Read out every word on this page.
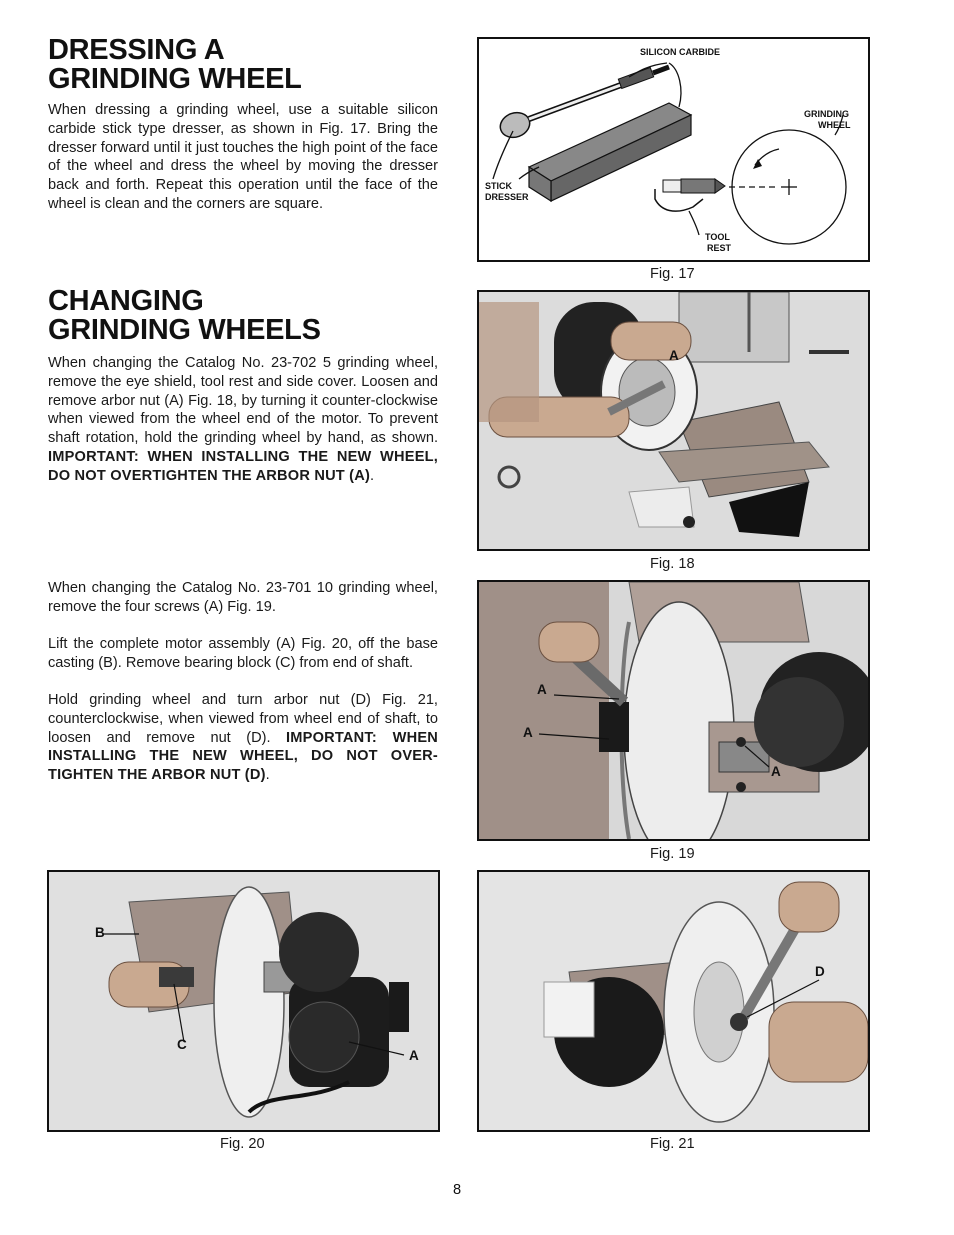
DRESSING A
GRINDING WHEEL

When dressing a grinding wheel, use a suitable silicon carbide stick type dresser, as shown in Fig. 17. Bring the dresser forward until it just touches the high point of the face of the wheel and dress the wheel by moving the dresser back and forth. Repeat this operation until the face of the wheel is clean and the corners are square.

SILICON CARBIDE
GRINDING
WHEEL
STICK
DRESSER
TOOL
REST
Fig. 17
CHANGING
GRINDING WHEELS

When changing the Catalog No. 23-702 5 grinding wheel, remove the eye shield, tool rest and side cover. Loosen and remove arbor nut (A) Fig. 18, by turning it counter-clockwise when viewed from the wheel end of the motor. To prevent shaft rotation, hold the grinding wheel by hand, as shown. IMPORTANT: WHEN INSTALLING THE NEW WHEEL, DO NOT OVERTIGHTEN THE ARBOR NUT (A).

A
Fig. 18

When changing the Catalog No. 23-701 10 grinding wheel, remove the four screws (A) Fig. 19.

Lift the complete motor assembly (A) Fig. 20, off the base casting (B). Remove bearing block (C) from end of shaft.

Hold grinding wheel and turn arbor nut (D) Fig. 21, counterclockwise, when viewed from wheel end of shaft, to loosen and remove nut (D). IMPORTANT: WHEN INSTALLING THE NEW WHEEL, DO NOT OVER-TIGHTEN THE ARBOR NUT (D).

A
A
A
Fig. 19
B
C
A
Fig. 20
D
Fig. 21
8
